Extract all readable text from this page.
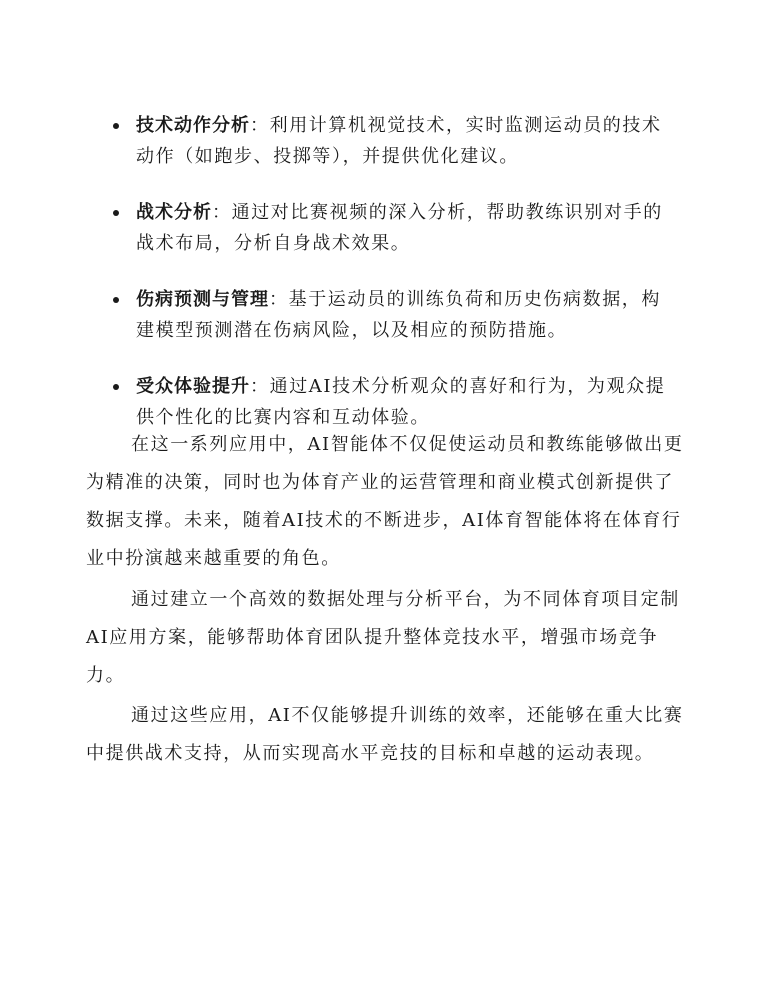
技术动作分析：利用计算机视觉技术，实时监测运动员的技术动作（如跑步、投掷等），并提供优化建议。
战术分析：通过对比赛视频的深入分析，帮助教练识别对手的战术布局，分析自身战术效果。
伤病预测与管理：基于运动员的训练负荷和历史伤病数据，构建模型预测潜在伤病风险，以及相应的预防措施。
受众体验提升：通过AI技术分析观众的喜好和行为，为观众提供个性化的比赛内容和互动体验。

在这一系列应用中，AI智能体不仅促使运动员和教练能够做出更为精准的决策，同时也为体育产业的运营管理和商业模式创新提供了数据支撑。未来，随着AI技术的不断进步，AI体育智能体将在体育行业中扮演越来越重要的角色。

通过建立一个高效的数据处理与分析平台，为不同体育项目定制AI应用方案，能够帮助体育团队提升整体竞技水平，增强市场竞争力。

通过这些应用，AI不仅能够提升训练的效率，还能够在重大比赛中提供战术支持，从而实现高水平竞技的目标和卓越的运动表现。
